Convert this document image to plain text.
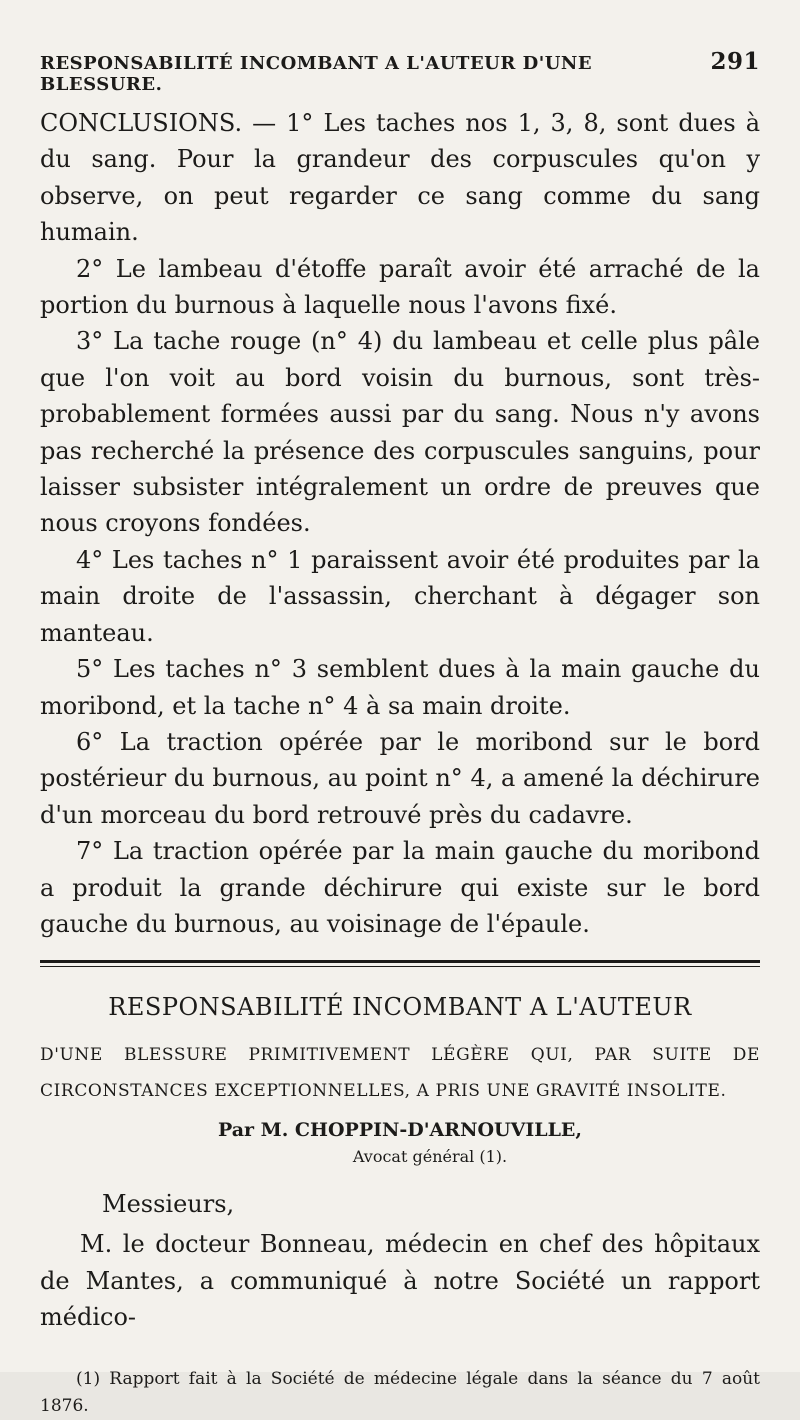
RESPONSABILITÉ INCOMBANT A L'AUTEUR D'UNE BLESSURE.
291

CONCLUSIONS. — 1° Les taches nos 1, 3, 8, sont dues à du sang. Pour la grandeur des corpuscules qu'on y observe, on peut regarder ce sang comme du sang humain.

2° Le lambeau d'étoffe paraît avoir été arraché de la portion du burnous à laquelle nous l'avons fixé.

3° La tache rouge (n° 4) du lambeau et celle plus pâle que l'on voit au bord voisin du burnous, sont très-probablement formées aussi par du sang. Nous n'y avons pas recherché la présence des corpuscules sanguins, pour laisser subsister intégralement un ordre de preuves que nous croyons fondées.

4° Les taches n° 1 paraissent avoir été produites par la main droite de l'assassin, cherchant à dégager son manteau.

5° Les taches n° 3 semblent dues à la main gauche du moribond, et la tache n° 4 à sa main droite.

6° La traction opérée par le moribond sur le bord postérieur du burnous, au point n° 4, a amené la déchirure d'un morceau du bord retrouvé près du cadavre.

7° La traction opérée par la main gauche du moribond a produit la grande déchirure qui existe sur le bord gauche du burnous, au voisinage de l'épaule.

RESPONSABILITÉ INCOMBANT A L'AUTEUR

D'UNE BLESSURE PRIMITIVEMENT LÉGÈRE QUI, PAR SUITE DE CIRCONSTANCES EXCEPTIONNELLES, A PRIS UNE GRAVITÉ INSOLITE.

Par M. CHOPPIN-D'ARNOUVILLE,
Avocat général (1).
Messieurs,

M. le docteur Bonneau, médecin en chef des hôpitaux de Mantes, a communiqué à notre Société un rapport médico-

(1) Rapport fait à la Société de médecine légale dans la séance du 7 août 1876.
